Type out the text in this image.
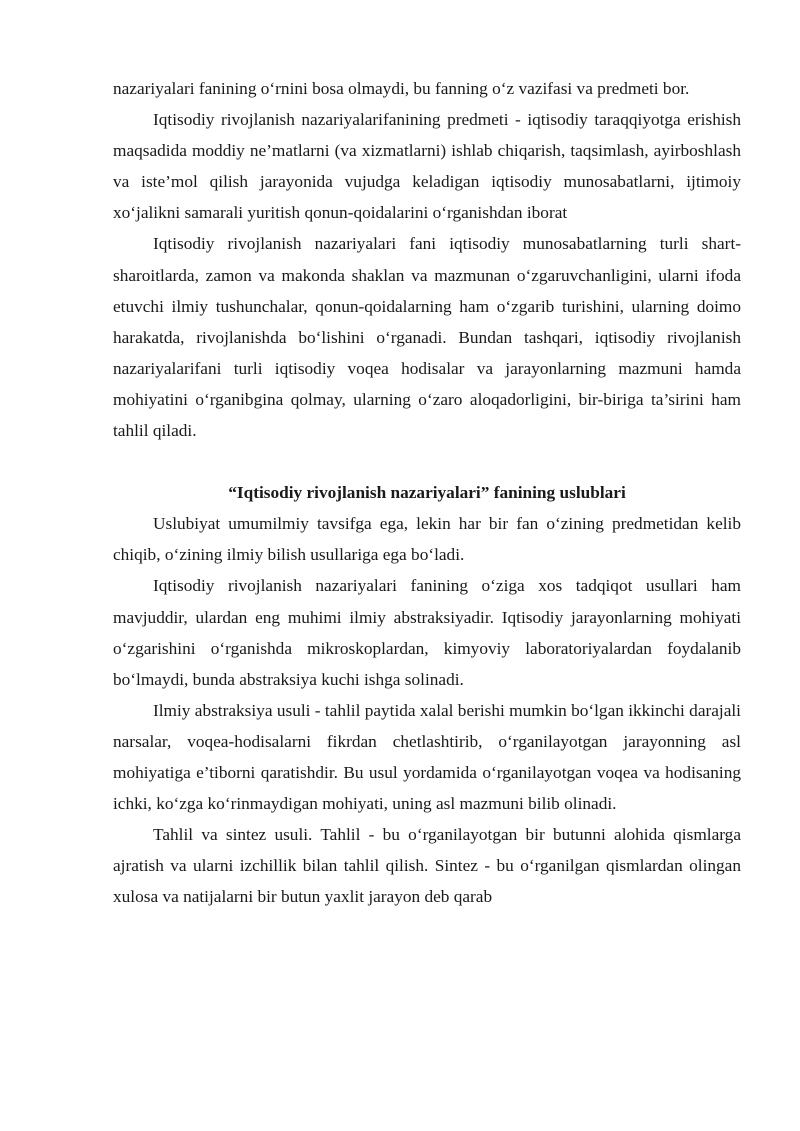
nazariyalari fanining o‘rnini bosa olmaydi, bu fanning o‘z vazifasi va predmeti bor.

Iqtisodiy rivojlanish nazariyalarifanining predmeti - iqtisodiy taraqqiyotga erishish maqsadida moddiy ne’matlarni (va xizmatlarni) ishlab chiqarish, taqsimlash, ayirboshlash va iste’mol qilish jarayonida vujudga keladigan iqtisodiy munosabatlarni, ijtimoiy xo‘jalikni samarali yuritish qonun-qoidalarini o‘rganishdan iborat

Iqtisodiy rivojlanish nazariyalari fani iqtisodiy munosabatlarning turli shart-sharoitlarda, zamon va makonda shaklan va mazmunan o‘zgaruvchanligini, ularni ifoda etuvchi ilmiy tushunchalar, qonun-qoidalarning ham o‘zgarib turishini, ularning doimo harakatda, rivojlanishda bo‘lishini o‘rganadi. Bundan tashqari, iqtisodiy rivojlanish nazariyalarifani turli iqtisodiy voqea hodisalar va jarayonlarning mazmuni hamda mohiyatini o‘rganibgina qolmay, ularning o‘zaro aloqadorligini, bir-biriga ta’sirini ham tahlil qiladi.

“Iqtisodiy rivojlanish nazariyalari” fanining uslublari

Uslubiyat umumilmiy tavsifga ega, lekin har bir fan o‘zining predmetidan kelib chiqib, o‘zining ilmiy bilish usullariga ega bo‘ladi.

Iqtisodiy rivojlanish nazariyalari fanining o‘ziga xos tadqiqot usullari ham mavjuddir, ulardan eng muhimi ilmiy abstraksiyadir. Iqtisodiy jarayonlarning mohiyati o‘zgarishini o‘rganishda mikroskoplardan, kimyoviy laboratoriyalardan foydalanib bo‘lmaydi, bunda abstraksiya kuchi ishga solinadi.

Ilmiy abstraksiya usuli - tahlil paytida xalal berishi mumkin bo‘lgan ikkinchi darajali narsalar, voqea-hodisalarni fikrdan chetlashtirib, o‘rganilayotgan jarayonning asl mohiyatiga e’tiborni qaratishdir. Bu usul yordamida o‘rganilayotgan voqea va hodisaning ichki, ko‘zga ko‘rinmaydigan mohiyati, uning asl mazmuni bilib olinadi.

Tahlil va sintez usuli. Tahlil - bu o‘rganilayotgan bir butunni alohida qismlarga ajratish va ularni izchillik bilan tahlil qilish. Sintez - bu o‘rganilgan qismlardan olingan xulosa va natijalarni bir butun yaxlit jarayon deb qarab
